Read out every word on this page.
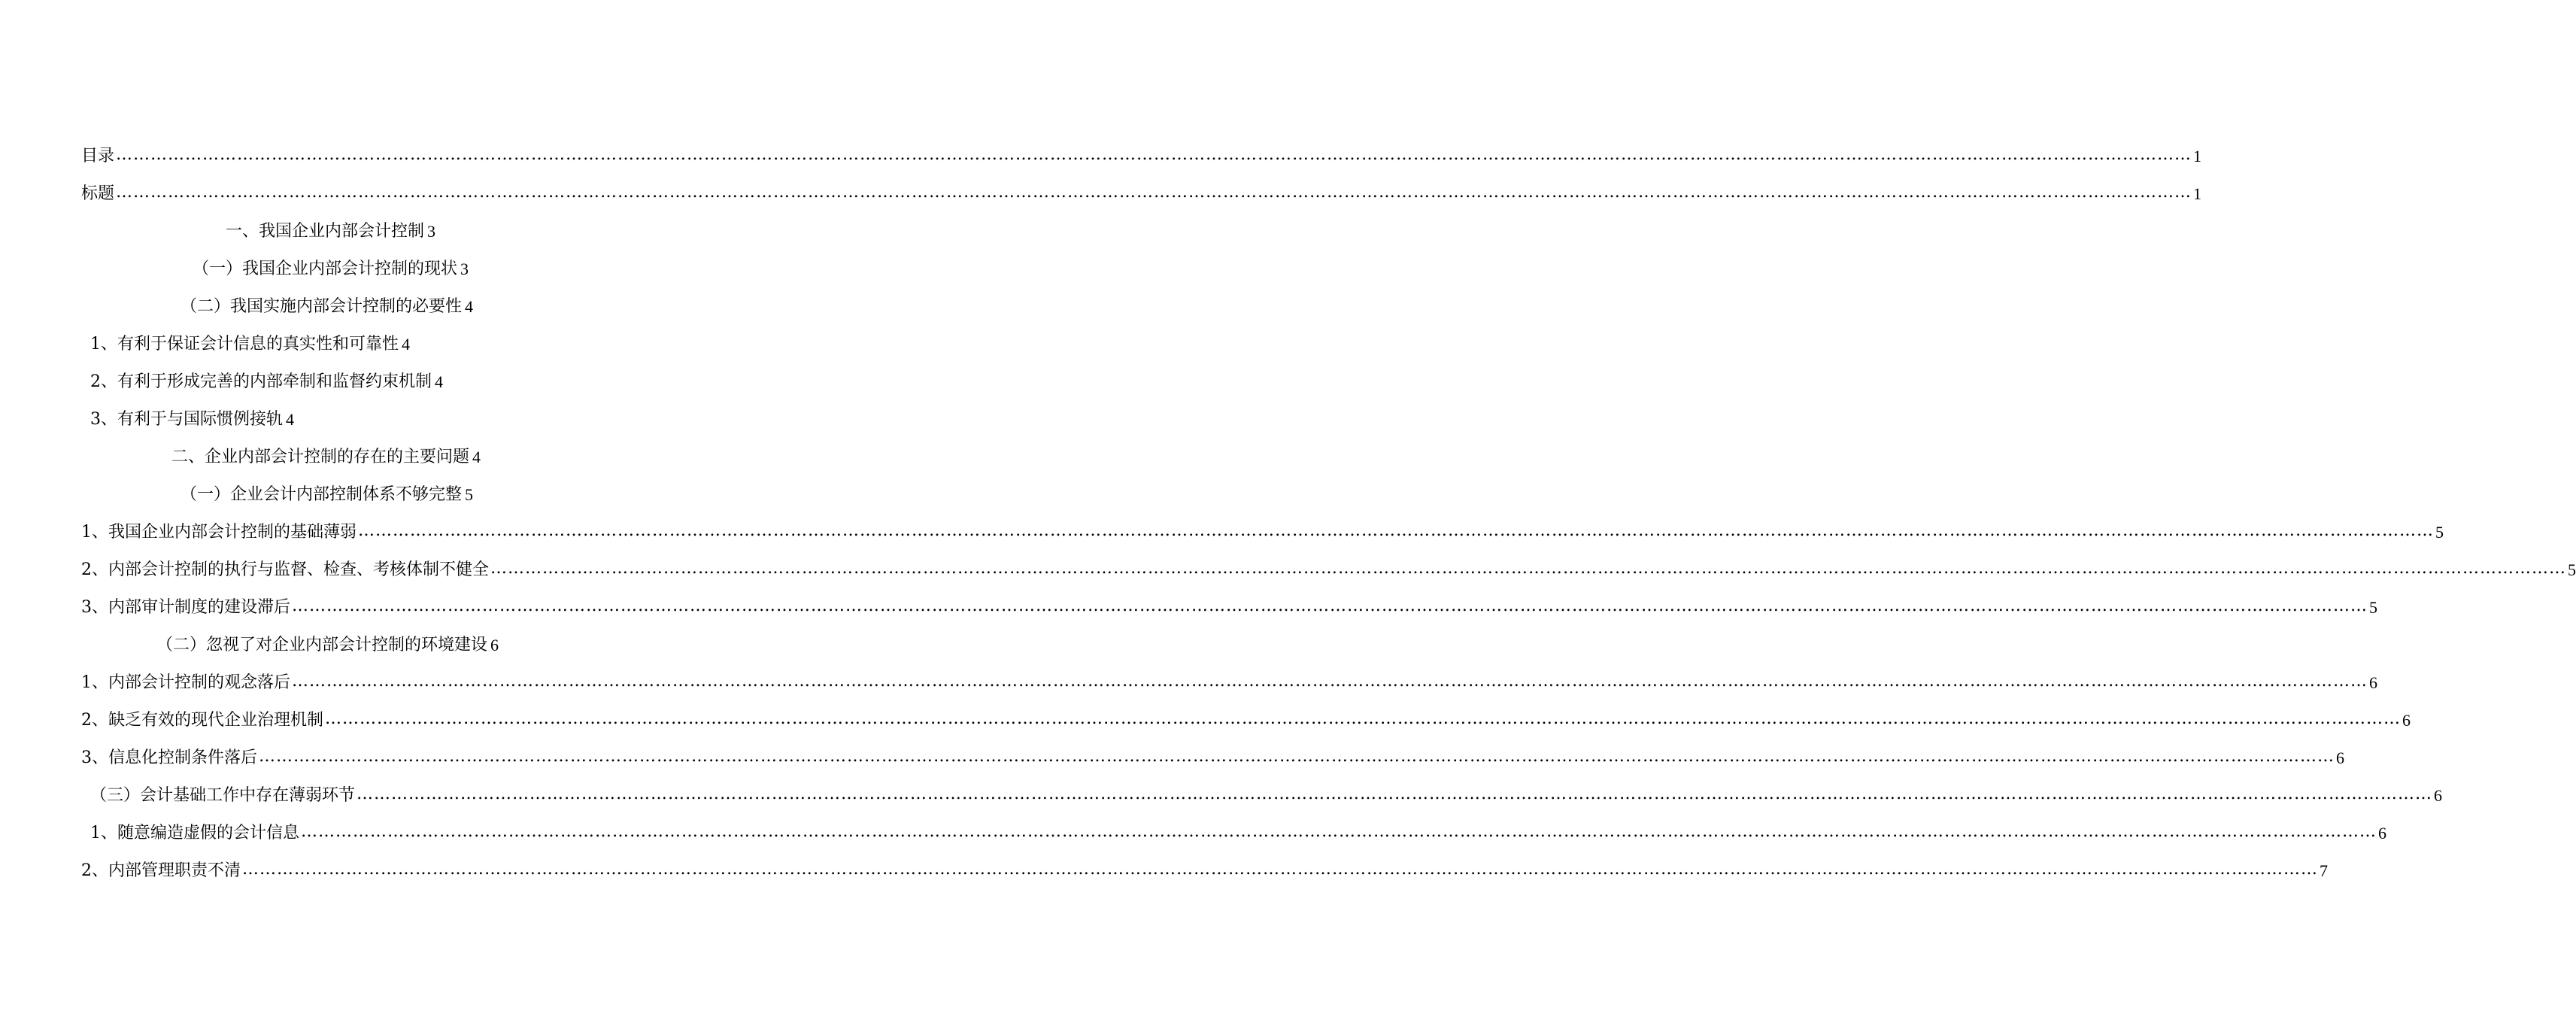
目录 ……………………………………………………………………………………………………………………………………………………………………………………………………………………………………………………………………………………………………………………………… 1
标题 ……………………………………………………………………………………………………………………………………………………………………………………………………………………………………………………………………………………………………………………………… 1
一、我国企业内部会计控制 3
（一）我国企业内部会计控制的现状 3
（二）我国实施内部会计控制的必要性 4
1、有利于保证会计信息的真实性和可靠性 4
2、有利于形成完善的内部牵制和监督约束机制 4
3、有利于与国际惯例接轨 4
二、企业内部会计控制的存在的主要问题 4
（一）企业会计内部控制体系不够完整 5
1、我国企业内部会计控制的基础薄弱 ……………………………………………………………………………………………………………………………………………………………………………………………………………………………………………………………………………………………………………………………… 5
2、内部会计控制的执行与监督、检查、考核体制不健全 ……………………………………………………………………………………………………………………………………………………………………………………………………………………………………………………………………………………………………………………………… 5
3、内部审计制度的建设滞后 ……………………………………………………………………………………………………………………………………………………………………………………………………………………………………………………………………………………………………………………………… 5
（二）忽视了对企业内部会计控制的环境建设 6
1、内部会计控制的观念落后 ……………………………………………………………………………………………………………………………………………………………………………………………………………………………………………………………………………………………………………………………… 6
2、缺乏有效的现代企业治理机制 ……………………………………………………………………………………………………………………………………………………………………………………………………………………………………………………………………………………………………………………………… 6
3、信息化控制条件落后 ……………………………………………………………………………………………………………………………………………………………………………………………………………………………………………………………………………………………………………………………… 6
（三）会计基础工作中存在薄弱环节 ……………………………………………………………………………………………………………………………………………………………………………………………………………………………………………………………………………………………………………………………… 6
1、随意编造虚假的会计信息 ……………………………………………………………………………………………………………………………………………………………………………………………………………………………………………………………………………………………………………………………… 6
2、内部管理职责不清 ……………………………………………………………………………………………………………………………………………………………………………………………………………………………………………………………………………………………………………………………… 7
